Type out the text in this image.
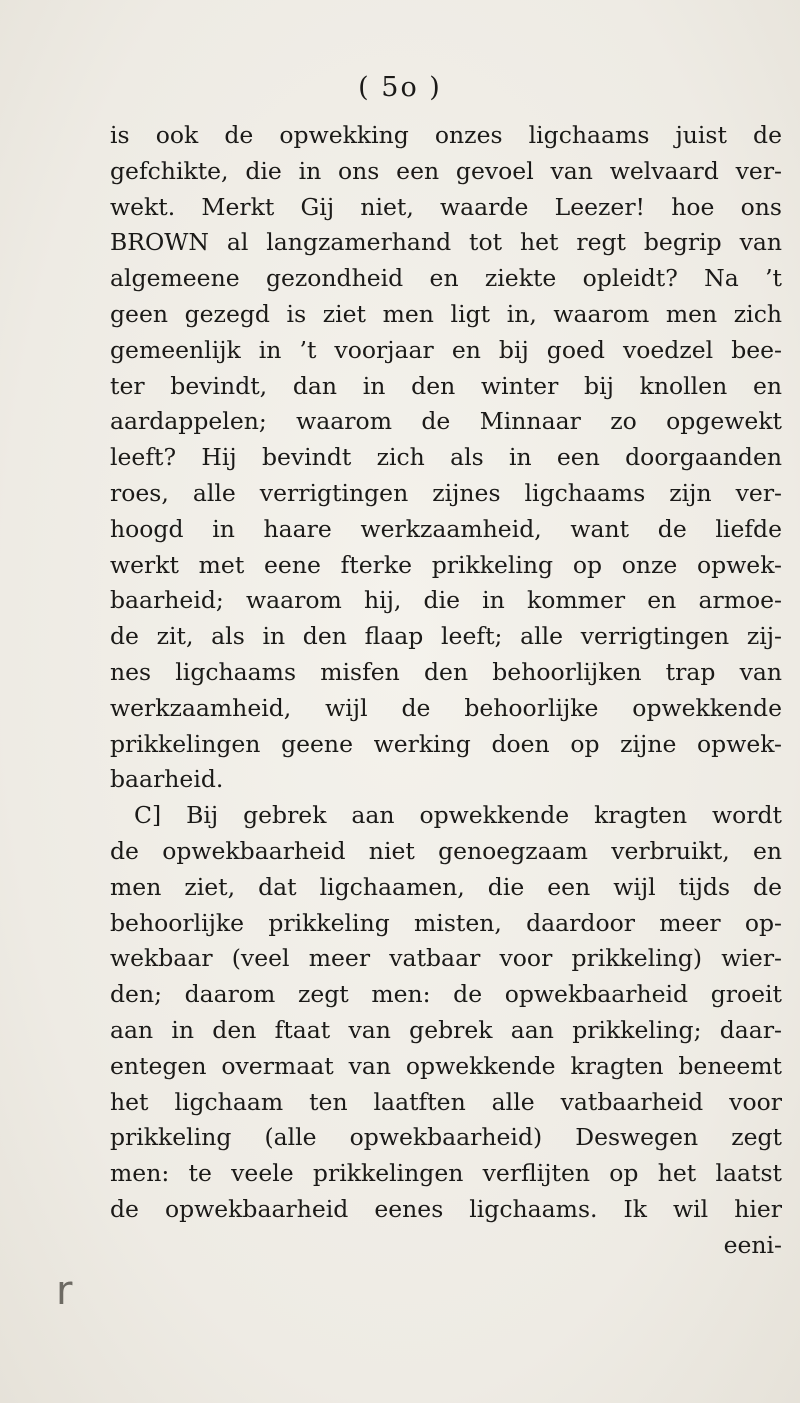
( 5o )
is ook de opwekking onzes ligchaams juist de
gefchikte, die in ons een gevoel van welvaard ver-
wekt. Merkt Gij niet, waarde Leezer! hoe ons
BROWN al langzamerhand tot het regt begrip van
algemeene gezondheid en ziekte opleidt? Na ’t
geen gezegd is ziet men ligt in, waarom men zich
gemeenlijk in ’t voorjaar en bij goed voedzel bee-
ter bevindt, dan in den winter bij knollen en
aardappelen; waarom de Minnaar zo opgewekt
leeft? Hij bevindt zich als in een doorgaanden
roes, alle verrigtingen zijnes ligchaams zijn ver-
hoogd in haare werkzaamheid, want de liefde
werkt met eene fterke prikkeling op onze opwek-
baarheid; waarom hij, die in kommer en armoe-
de zit, als in den flaap leeft; alle verrigtingen zij-
nes ligchaams misfen den behoorlijken trap van
werkzaamheid, wijl de behoorlijke opwekkende
prikkelingen geene werking doen op zijne opwek-
baarheid.
C] Bij gebrek aan opwekkende kragten wordt
de opwekbaarheid niet genoegzaam verbruikt, en
men ziet, dat ligchaamen, die een wijl tijds de
behoorlijke prikkeling misten, daardoor meer op-
wekbaar (veel meer vatbaar voor prikkeling) wier-
den; daarom zegt men: de opwekbaarheid groeit
aan in den ftaat van gebrek aan prikkeling; daar-
entegen overmaat van opwekkende kragten beneemt
het ligchaam ten laatften alle vatbaarheid voor
prikkeling (alle opwekbaarheid) Deswegen zegt
men: te veele prikkelingen verflijten op het laatst
de opwekbaarheid eenes ligchaams. Ik wil hier
eeni-
r
